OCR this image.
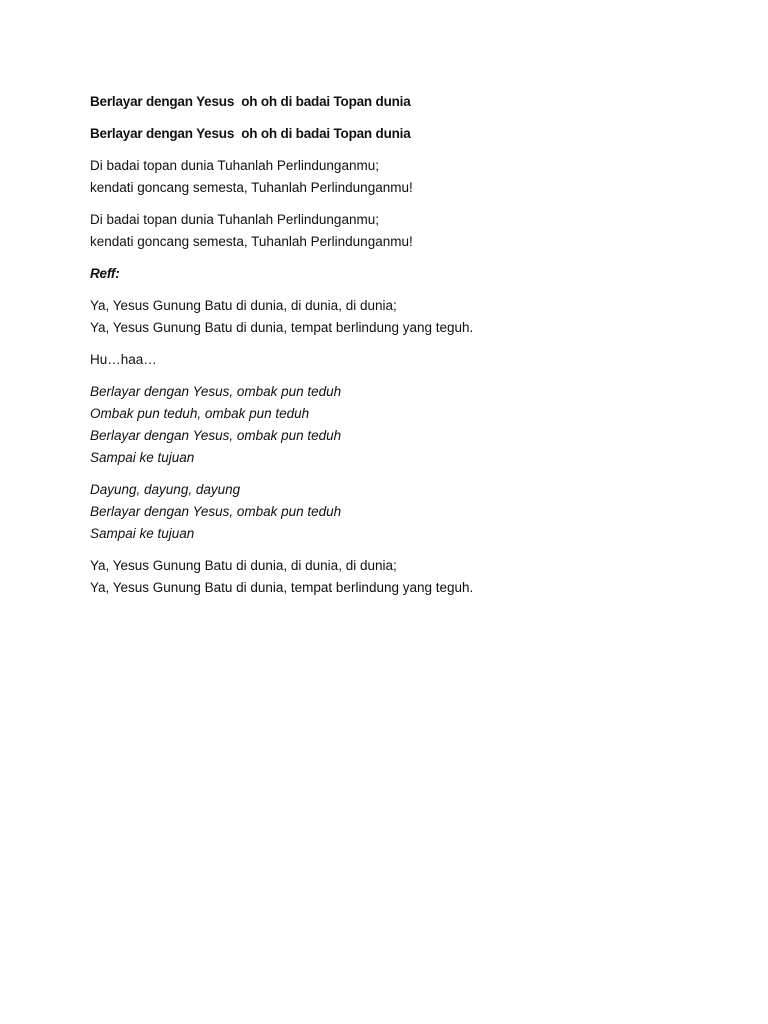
Berlayar dengan Yesus  oh oh di badai Topan dunia

Berlayar dengan Yesus  oh oh di badai Topan dunia

Di badai topan dunia Tuhanlah Perlindunganmu;
kendati goncang semesta, Tuhanlah Perlindunganmu!

Di badai topan dunia Tuhanlah Perlindunganmu;
kendati goncang semesta, Tuhanlah Perlindunganmu!

Reff:

Ya, Yesus Gunung Batu di dunia, di dunia, di dunia;
Ya, Yesus Gunung Batu di dunia, tempat berlindung yang teguh.

Hu…haa…

Berlayar dengan Yesus, ombak pun teduh
Ombak pun teduh, ombak pun teduh
Berlayar dengan Yesus, ombak pun teduh
Sampai ke tujuan

Dayung, dayung, dayung
Berlayar dengan Yesus, ombak pun teduh
Sampai ke tujuan

Ya, Yesus Gunung Batu di dunia, di dunia, di dunia;
Ya, Yesus Gunung Batu di dunia, tempat berlindung yang teguh.
